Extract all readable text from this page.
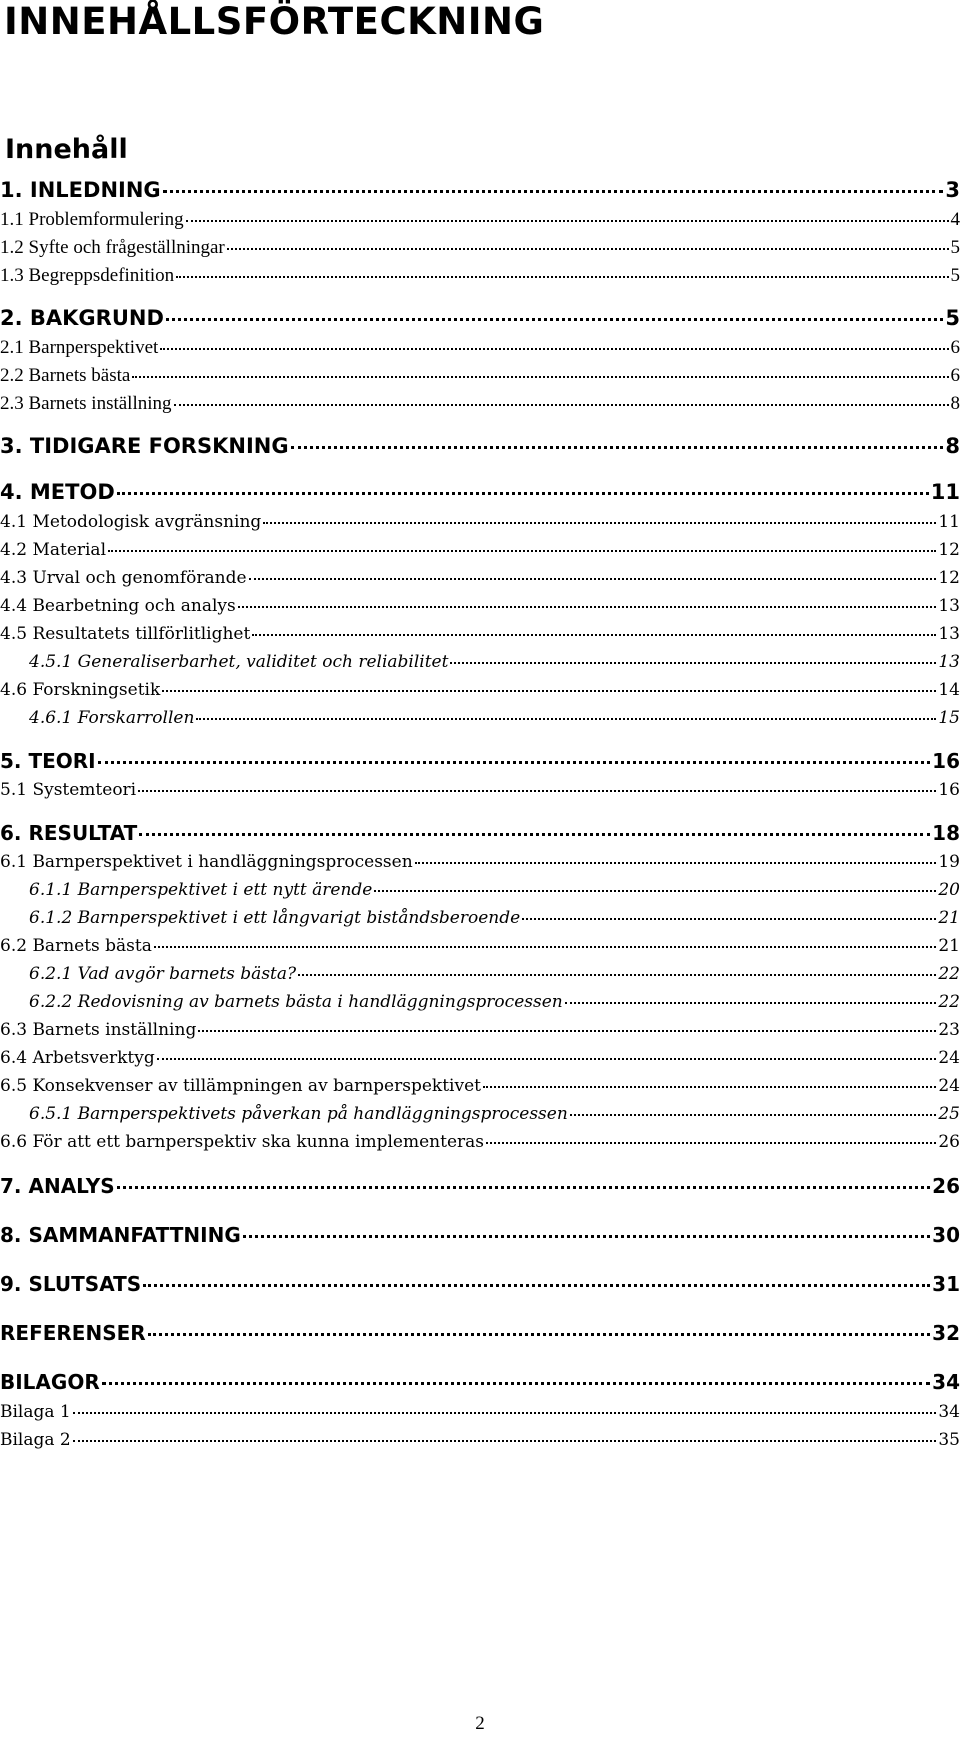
INNEHÅLLSFÖRTECKNING
Innehåll
1. INLEDNING	3
1.1 Problemformulering	4
1.2 Syfte och frågeställningar	5
1.3 Begreppsdefinition	5
2. BAKGRUND	5
2.1 Barnperspektivet	6
2.2 Barnets bästa	6
2.3 Barnets inställning	8
3. TIDIGARE FORSKNING	8
4. METOD	11
4.1 Metodologisk avgränsning	11
4.2 Material	12
4.3 Urval och genomförande	12
4.4 Bearbetning och analys	13
4.5 Resultatets tillförlitlighet	13
4.5.1 Generaliserbarhet, validitet och reliabilitet	13
4.6 Forskningsetik	14
4.6.1 Forskarrollen	15
5. TEORI	16
5.1 Systemteori	16
6. RESULTAT	18
6.1 Barnperspektivet i handläggningsprocessen	19
6.1.1 Barnperspektivet i ett nytt ärende	20
6.1.2 Barnperspektivet i ett långvarigt biståndsberoende	21
6.2 Barnets bästa	21
6.2.1 Vad avgör barnets bästa?	22
6.2.2 Redovisning av barnets bästa i handläggningsprocessen	22
6.3 Barnets inställning	23
6.4 Arbetsverktyg	24
6.5 Konsekvenser av tillämpningen av barnperspektivet	24
6.5.1 Barnperspektivets påverkan på handläggningsprocessen	25
6.6 För att ett barnperspektiv ska kunna implementeras	26
7. ANALYS	26
8. SAMMANFATTNING	30
9. SLUTSATS	31
REFERENSER	32
BILAGOR	34
Bilaga 1	34
Bilaga 2	35
2
